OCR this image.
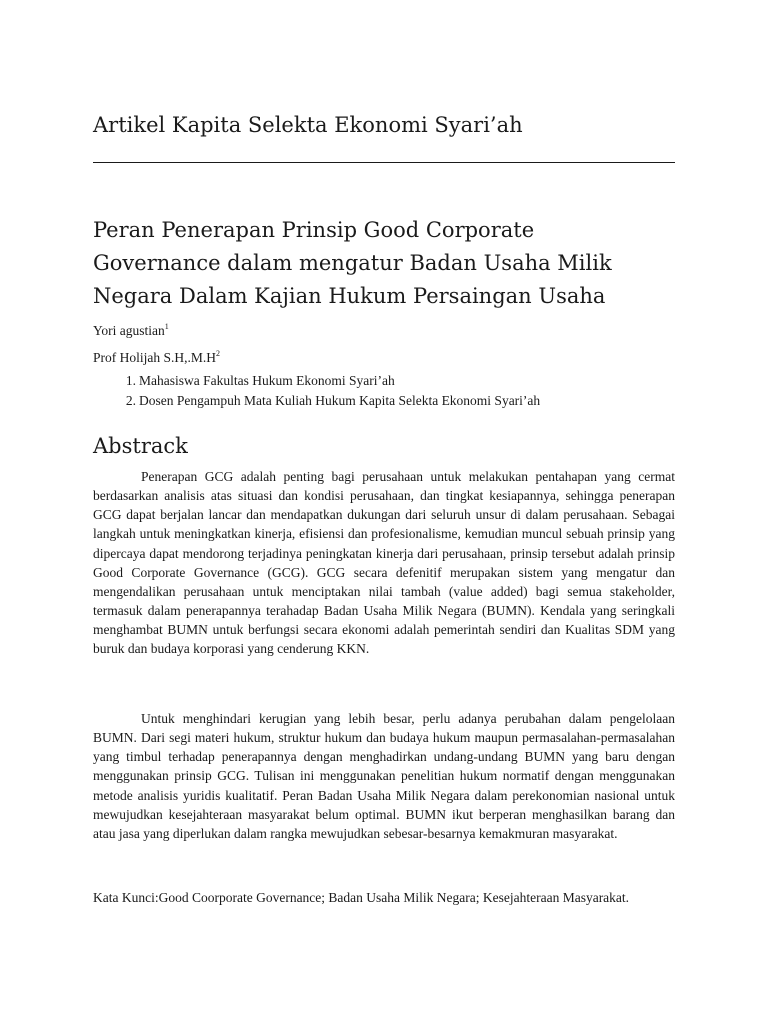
Artikel Kapita Selekta Ekonomi Syari’ah
Peran Penerapan Prinsip Good Corporate
Governance dalam mengatur Badan Usaha Milik
Negara Dalam Kajian Hukum Persaingan Usaha

Yori agustian$^1$

Prof Holijah $S.H,.M.H^2$

1. Mahasiswa Fakultas Hukum Ekonomi Syari’ah
2. Dosen Pengampuh Mata Kuliah Hukum Kapita Selekta Ekonomi Syari’ah
Abstrack

Penerapan GCG adalah penting bagi perusahaan untuk melakukan pentahapan yang cermat berdasarkan analisis atas situasi dan kondisi perusahaan, dan tingkat kesiapannya, sehingga penerapan GCG dapat berjalan lancar dan mendapatkan dukungan dari seluruh unsur di dalam perusahaan. Sebagai langkah untuk meningkatkan kinerja, efisiensi dan profesionalisme, kemudian muncul sebuah prinsip yang dipercaya dapat mendorong terjadinya peningkatan kinerja dari perusahaan, prinsip tersebut adalah prinsip Good Corporate Governance (GCG). GCG secara defenitif merupakan sistem yang mengatur dan mengendalikan perusahaan untuk menciptakan nilai tambah (value added) bagi semua stakeholder, termasuk dalam penerapannya terahadap Badan Usaha Milik Negara (BUMN). Kendala yang seringkali menghambat BUMN untuk berfungsi secara ekonomi adalah pemerintah sendiri dan Kualitas SDM yang buruk dan budaya korporasi yang cenderung KKN.

Untuk menghindari kerugian yang lebih besar, perlu adanya perubahan dalam pengelolaan BUMN. Dari segi materi hukum, struktur hukum dan budaya hukum maupun permasalahan-permasalahan yang timbul terhadap penerapannya dengan menghadirkan undang-undang BUMN yang baru dengan menggunakan prinsip GCG. Tulisan ini menggunakan penelitian hukum normatif dengan menggunakan metode analisis yuridis kualitatif. Peran Badan Usaha Milik Negara dalam perekonomian nasional untuk mewujudkan kesejahteraan masyarakat belum optimal. BUMN ikut berperan menghasilkan barang dan atau jasa yang diperlukan dalam rangka mewujudkan sebesar-besarnya kemakmuran masyarakat.

Kata Kunci:Good Coorporate Governance; Badan Usaha Milik Negara; Kesejahteraan Masyarakat.
